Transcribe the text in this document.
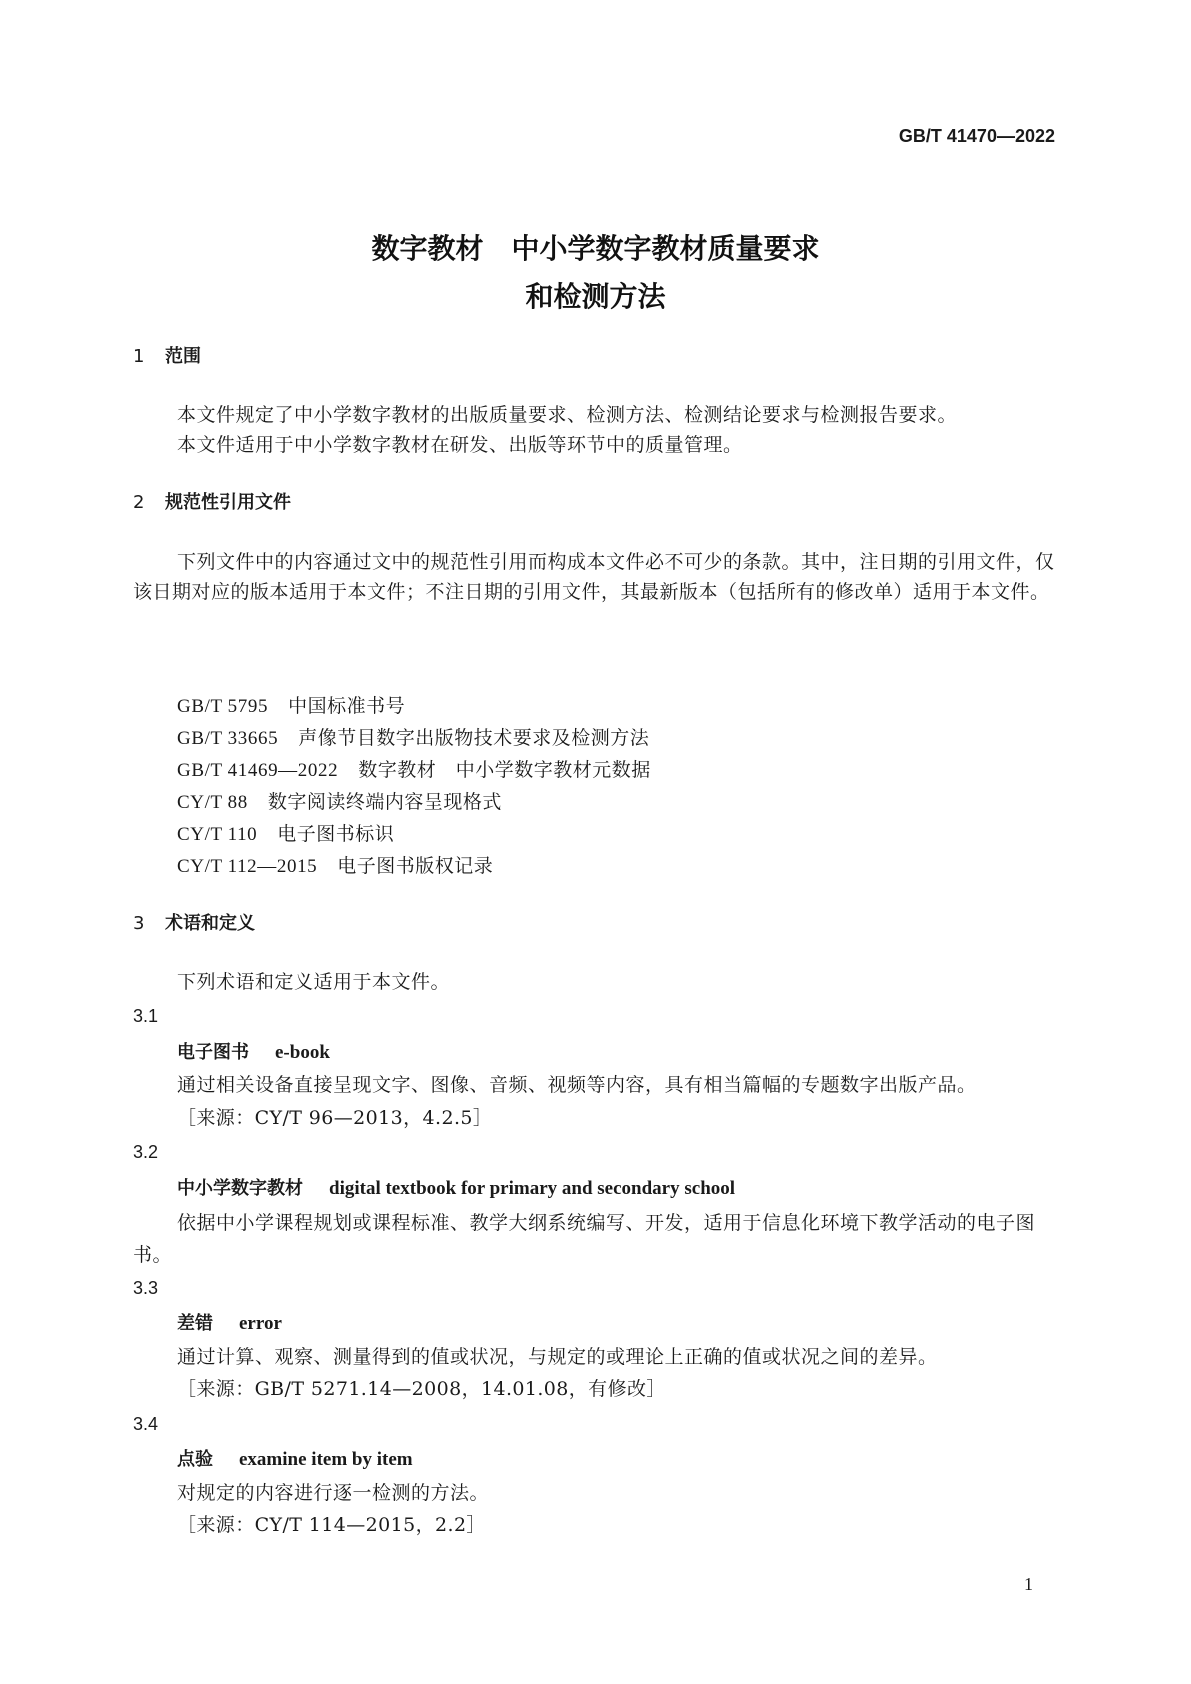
GB/T 41470—2022
数字教材　中小学数字教材质量要求
和检测方法
1 范围

本文件规定了中小学数字教材的出版质量要求、检测方法、检测结论要求与检测报告要求。

本文件适用于中小学数字教材在研发、出版等环节中的质量管理。

2 规范性引用文件

下列文件中的内容通过文中的规范性引用而构成本文件必不可少的条款。其中，注日期的引用文件，仅该日期对应的版本适用于本文件；不注日期的引用文件，其最新版本（包括所有的修改单）适用于本文件。

GB/T 5795 中国标准书号
GB/T 33665 声像节目数字出版物技术要求及检测方法
GB/T 41469—2022 数字教材　中小学数字教材元数据
CY/T 88 数字阅读终端内容呈现格式
CY/T 110 电子图书标识
CY/T 112—2015 电子图书版权记录
3 术语和定义

下列术语和定义适用于本文件。

3.1
电子图书 e-book
通过相关设备直接呈现文字、图像、音频、视频等内容，具有相当篇幅的专题数字出版产品。
［来源：CY/T 96—2013，4.2.5］
3.2
中小学数字教材 digital textbook for primary and secondary school

依据中小学课程规划或课程标准、教学大纲系统编写、开发，适用于信息化环境下教学活动的电子图书。

3.3
差错 error
通过计算、观察、测量得到的值或状况，与规定的或理论上正确的值或状况之间的差异。
［来源：GB/T 5271.14—2008，14.01.08，有修改］
3.4
点验 examine item by item
对规定的内容进行逐一检测的方法。
［来源：CY/T 114—2015，2.2］
1
